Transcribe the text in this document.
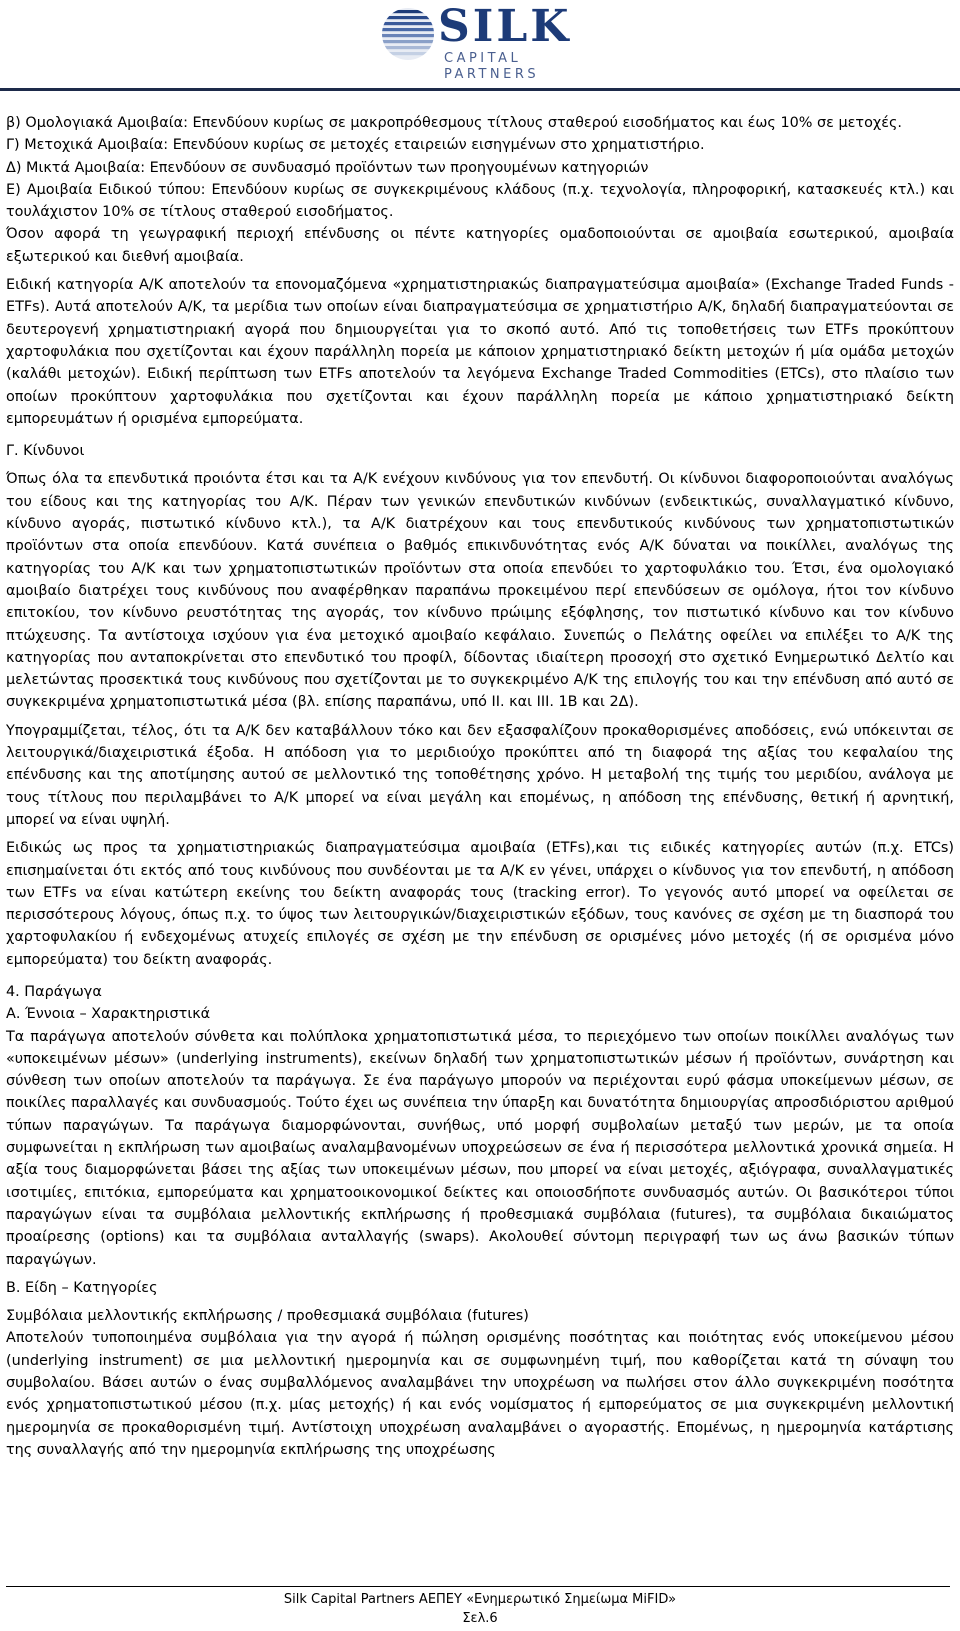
SILK
CAPITAL
PARTNERS

β) Ομολογιακά Αμοιβαία: Επενδύουν κυρίως σε μακροπρόθεσμους τίτλους σταθερού εισοδήματος και έως 10% σε μετοχές.

Γ) Μετοχικά Αμοιβαία: Επενδύουν κυρίως σε μετοχές εταιρειών εισηγμένων στο χρηματιστήριο.

Δ) Μικτά Αμοιβαία: Επενδύουν σε συνδυασμό προϊόντων των προηγουμένων κατηγοριών

Ε) Αμοιβαία Ειδικού τύπου: Επενδύουν κυρίως σε συγκεκριμένους κλάδους (π.χ. τεχνολογία, πληροφορική, κατασκευές κτλ.) και τουλάχιστον 10% σε τίτλους σταθερού εισοδήματος.

Όσον αφορά τη γεωγραφική περιοχή επένδυσης οι πέντε κατηγορίες ομαδοποιούνται σε αμοιβαία εσωτερικού, αμοιβαία εξωτερικού και διεθνή αμοιβαία.

Ειδική κατηγορία Α/Κ αποτελούν τα επονομαζόμενα «χρηματιστηριακώς διαπραγματεύσιμα αμοιβαία» (Exchange Traded Funds - ETFs). Αυτά αποτελούν Α/Κ, τα μερίδια των οποίων είναι διαπραγματεύσιμα σε χρηματιστήριο Α/Κ, δηλαδή διαπραγματεύονται σε δευτερογενή χρηματιστηριακή αγορά που δημιουργείται για το σκοπό αυτό. Από τις τοποθετήσεις των ETFs προκύπτουν χαρτοφυλάκια που σχετίζονται και έχουν παράλληλη πορεία με κάποιον χρηματιστηριακό δείκτη μετοχών ή μία ομάδα μετοχών (καλάθι μετοχών). Ειδική περίπτωση των ETFs αποτελούν τα λεγόμενα Exchange Traded Commodities (ETCs), στο πλαίσιο των οποίων προκύπτουν χαρτοφυλάκια που σχετίζονται και έχουν παράλληλη πορεία με κάποιο χρηματιστηριακό δείκτη εμπορευμάτων ή ορισμένα εμπορεύματα.

Γ. Κίνδυνοι

Όπως όλα τα επενδυτικά προιόντα έτσι και τα Α/Κ ενέχουν κινδύνους για τον επενδυτή. Οι κίνδυνοι διαφοροποιούνται αναλόγως του είδους και της κατηγορίας του Α/Κ. Πέραν των γενικών επενδυτικών κινδύνων (ενδεικτικώς, συναλλαγματικό κίνδυνο, κίνδυνο αγοράς, πιστωτικό κίνδυνο κτλ.), τα Α/Κ διατρέχουν και τους επενδυτικούς κινδύνους των χρηματοπιστωτικών προϊόντων στα οποία επενδύουν. Κατά συνέπεια ο βαθμός επικινδυνότητας ενός Α/Κ δύναται να ποικίλλει, αναλόγως της κατηγορίας του Α/Κ και των χρηματοπιστωτικών προϊόντων στα οποία επενδύει το χαρτοφυλάκιο του. Έτσι, ένα ομολογιακό αμοιβαίο διατρέχει τους κινδύνους που αναφέρθηκαν παραπάνω προκειμένου περί επενδύσεων σε ομόλογα, ήτοι τον κίνδυνο επιτοκίου, τον κίνδυνο ρευστότητας της αγοράς, τον κίνδυνο πρώιμης εξόφλησης, τον πιστωτικό κίνδυνο και τον κίνδυνο πτώχευσης. Τα αντίστοιχα ισχύουν για ένα μετοχικό αμοιβαίο κεφάλαιο. Συνεπώς ο Πελάτης οφείλει να επιλέξει το Α/Κ της κατηγορίας που ανταποκρίνεται στο επενδυτικό του προφίλ, δίδοντας ιδιαίτερη προσοχή στο σχετικό Ενημερωτικό Δελτίο και μελετώντας προσεκτικά τους κινδύνους που σχετίζονται με το συγκεκριμένο Α/Κ της επιλογής του και την επένδυση από αυτό σε συγκεκριμένα χρηματοπιστωτικά μέσα (βλ. επίσης παραπάνω, υπό ΙΙ. και ΙΙΙ. 1Β και 2Δ).

Υπογραμμίζεται, τέλος, ότι τα Α/Κ δεν καταβάλλουν τόκο και δεν εξασφαλίζουν προκαθορισμένες αποδόσεις, ενώ υπόκεινται σε λειτουργικά/διαχειριστικά έξοδα. Η απόδοση για το μεριδιούχο προκύπτει από τη διαφορά της αξίας του κεφαλαίου της επένδυσης και της αποτίμησης αυτού σε μελλοντικό της τοποθέτησης χρόνο. Η μεταβολή της τιμής του μεριδίου, ανάλογα με τους τίτλους που περιλαμβάνει το Α/Κ μπορεί να είναι μεγάλη και επομένως, η απόδοση της επένδυσης, θετική ή αρνητική, μπορεί να είναι υψηλή.

Ειδικώς ως προς τα χρηματιστηριακώς διαπραγματεύσιμα αμοιβαία (ETFs),και τις ειδικές κατηγορίες αυτών (π.χ. ETCs) επισημαίνεται ότι εκτός από τους κινδύνους που συνδέονται με τα Α/Κ εν γένει, υπάρχει ο κίνδυνος για τον επενδυτή, η απόδοση των ETFs να είναι κατώτερη εκείνης του δείκτη αναφοράς τους (tracking error). Το γεγονός αυτό μπορεί να οφείλεται σε περισσότερους λόγους, όπως π.χ. το ύψος των λειτουργικών/διαχειριστικών εξόδων, τους κανόνες σε σχέση με τη διασπορά του χαρτοφυλακίου ή ενδεχομένως ατυχείς επιλογές σε σχέση με την επένδυση σε ορισμένες μόνο μετοχές (ή σε ορισμένα μόνο εμπορεύματα) του δείκτη αναφοράς.

4. Παράγωγα

Α. Έννοια – Χαρακτηριστικά

Τα παράγωγα αποτελούν σύνθετα και πολύπλοκα χρηματοπιστωτικά μέσα, το περιεχόμενο των οποίων ποικίλλει αναλόγως των «υποκειμένων μέσων» (underlying instruments), εκείνων δηλαδή των χρηματοπιστωτικών μέσων ή προϊόντων, συνάρτηση και σύνθεση των οποίων αποτελούν τα παράγωγα. Σε ένα παράγωγο μπορούν να περιέχονται ευρύ φάσμα υποκείμενων μέσων, σε ποικίλες παραλλαγές και συνδυασμούς. Τούτο έχει ως συνέπεια την ύπαρξη και δυνατότητα δημιουργίας απροσδιόριστου αριθμού τύπων παραγώγων. Τα παράγωγα διαμορφώνονται, συνήθως, υπό μορφή συμβολαίων μεταξύ των μερών, με τα οποία συμφωνείται η εκπλήρωση των αμοιβαίως αναλαμβανομένων υποχρεώσεων σε ένα ή περισσότερα μελλοντικά χρονικά σημεία. Η αξία τους διαμορφώνεται βάσει της αξίας των υποκειμένων μέσων, που μπορεί να είναι μετοχές, αξιόγραφα, συναλλαγματικές ισοτιμίες, επιτόκια, εμπορεύματα και χρηματοοικονομικοί δείκτες και οποιοσδήποτε συνδυασμός αυτών. Οι βασικότεροι τύποι παραγώγων είναι τα συμβόλαια μελλοντικής εκπλήρωσης ή προθεσμιακά συμβόλαια (futures), τα συμβόλαια δικαιώματος προαίρεσης (options) και τα συμβόλαια ανταλλαγής (swaps). Ακολουθεί σύντομη περιγραφή των ως άνω βασικών τύπων παραγώγων.

Β. Είδη – Κατηγορίες

Συμβόλαια μελλοντικής εκπλήρωσης / προθεσμιακά συμβόλαια (futures)

Αποτελούν τυποποιημένα συμβόλαια για την αγορά ή πώληση ορισμένης ποσότητας και ποιότητας ενός υποκείμενου μέσου (underlying instrument) σε μια μελλοντική ημερομηνία και σε συμφωνημένη τιμή, που καθορίζεται κατά τη σύναψη του συμβολαίου. Βάσει αυτών ο ένας συμβαλλόμενος αναλαμβάνει την υποχρέωση να πωλήσει στον άλλο συγκεκριμένη ποσότητα ενός χρηματοπιστωτικού μέσου (π.χ. μίας μετοχής) ή και ενός νομίσματος ή εμπορεύματος σε μια συγκεκριμένη μελλοντική ημερομηνία σε προκαθορισμένη τιμή. Αντίστοιχη υποχρέωση αναλαμβάνει ο αγοραστής. Επομένως, η ημερομηνία κατάρτισης της συναλλαγής από την ημερομηνία εκπλήρωσης της υποχρέωσης

Silk Capital Partners ΑΕΠΕΥ «Ενημερωτικό Σημείωμα MiFID»
Σελ.6
